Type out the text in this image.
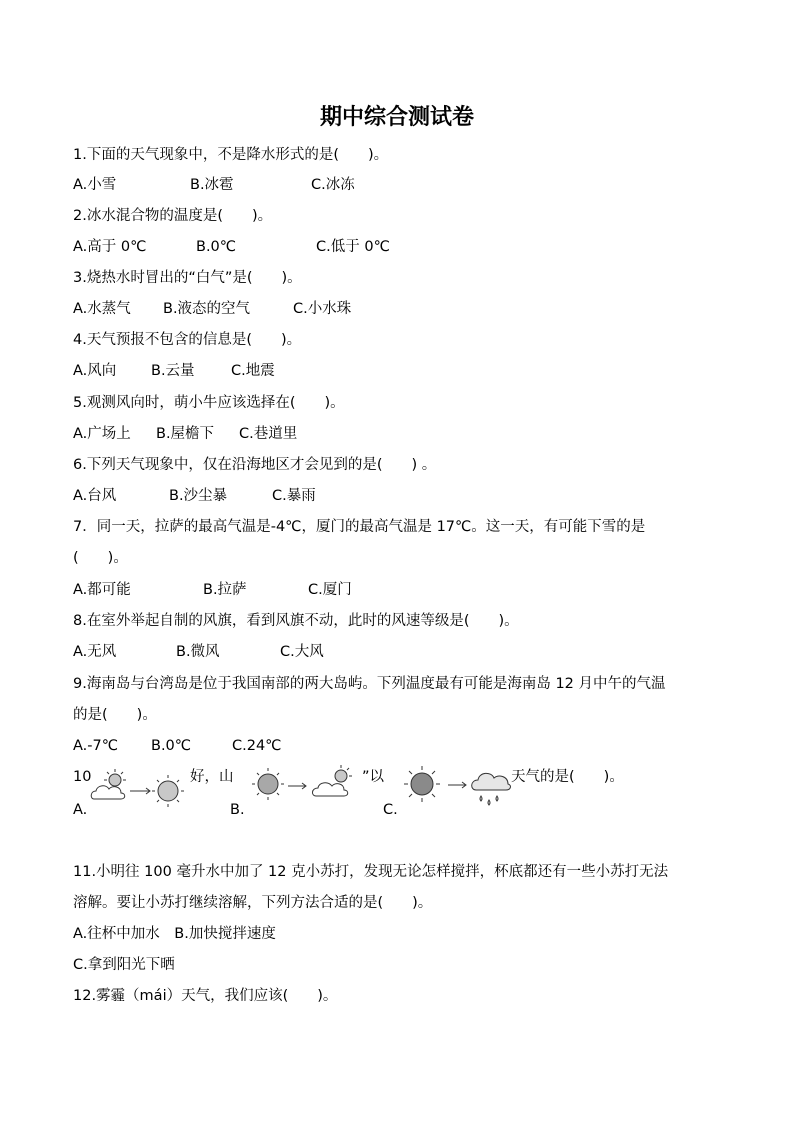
期中综合测试卷
1.下面的天气现象中，不是降水形式的是(　　)。
A.小雪	B.冰雹	C.冰冻
2.冰水混合物的温度是(　　)。
A.高于 0℃	B.0℃	C.低于 0℃
3.烧热水时冒出的“白气”是(　　)。
A.水蒸气 B.液态的空气	C.小水珠
4.天气预报不包含的信息是(　　)。
A.风向 B.云量	C.地震
5.观测风向时，萌小牛应该选择在(　　)。
A.广场上 B.屋檐下 C.巷道里
6.下列天气现象中，仅在沿海地区才会见到的是(　　) 。
A.台风	B.沙尘暴	C.暴雨
7．同一天，拉萨的最高气温是-4℃，厦门的最高气温是 17℃。这一天，有可能下雪的是
(　　)。
A.都可能	B.拉萨	C.厦门
8.在室外举起自制的风旗，看到风旗不动，此时的风速等级是(　　)。
A.无风	B.微风	C.大风
9.海南岛与台湾岛是位于我国南部的两大岛屿。下列温度最有可能是海南岛 12 月中午的气温
的是(　　)。
A.-7℃ B.0℃	C.24℃
10	好，山	”以	天气的是(　　)。
A.	B.	C.
11.小明往 100 毫升水中加了 12 克小苏打，发现无论怎样搅拌，杯底都还有一些小苏打无法
溶解。要让小苏打继续溶解，下列方法合适的是(　　)。
A.往杯中加水　B.加快搅拌速度
C.拿到阳光下晒
12.雾霾（mái）天气，我们应该(　　)。
